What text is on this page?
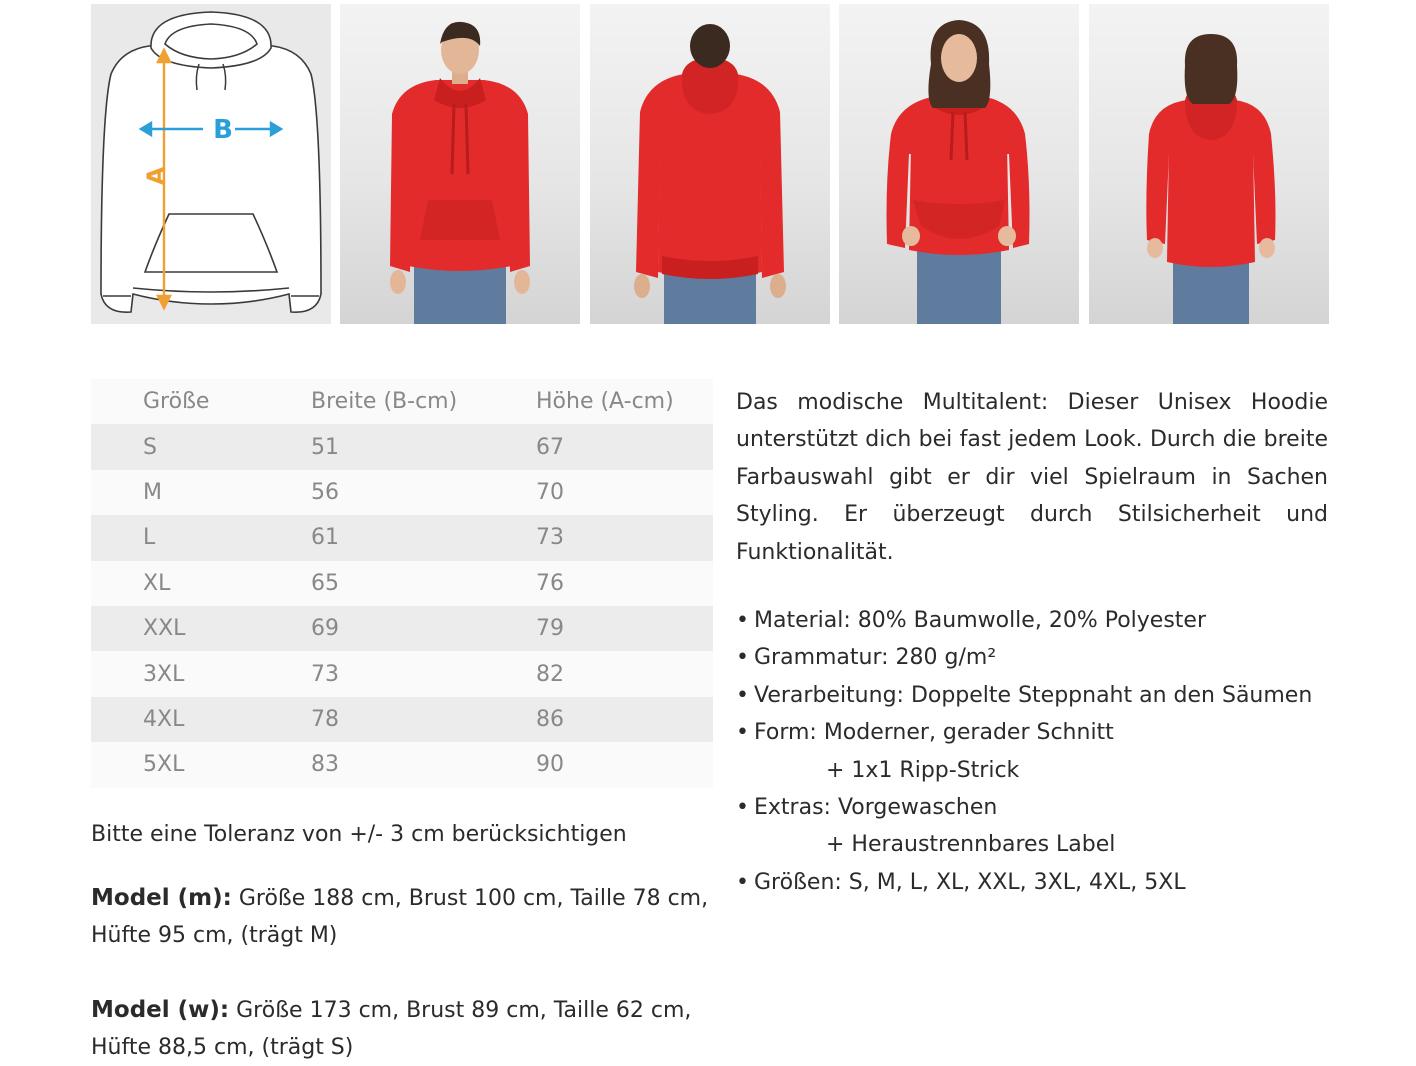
A
B
Größe	Breite (B-cm)	Höhe (A-cm)
S	51	67
M	56	70
L	61	73
XL	65	76
XXL	69	79
3XL	73	82
4XL	78	86
5XL	83	90
Bitte eine Toleranz von +/- 3 cm berücksichtigen
Model (m): Größe 188 cm, Brust 100 cm, Taille 78 cm,
Hüfte 95 cm, (trägt M)
Model (w): Größe 173 cm, Brust 89 cm, Taille 62 cm,
Hüfte 88,5 cm, (trägt S)

Das modische Multitalent: Dieser Unisex Hoodie unterstützt dich bei fast jedem Look. Durch die breite Farbauswahl gibt er dir viel Spielraum in Sachen Styling. Er überzeugt durch Stilsicherheit und Funktionalität.

• Material: 80% Baumwolle, 20% Polyester
• Grammatur: 280 g/m²
• Verarbeitung: Doppelte Steppnaht an den Säumen
• Form: Moderner, gerader Schnitt
+ 1x1 Ripp-Strick
• Extras: Vorgewaschen
+ Heraustrennbares Label
• Größen: S, M, L, XL, XXL, 3XL, 4XL, 5XL
